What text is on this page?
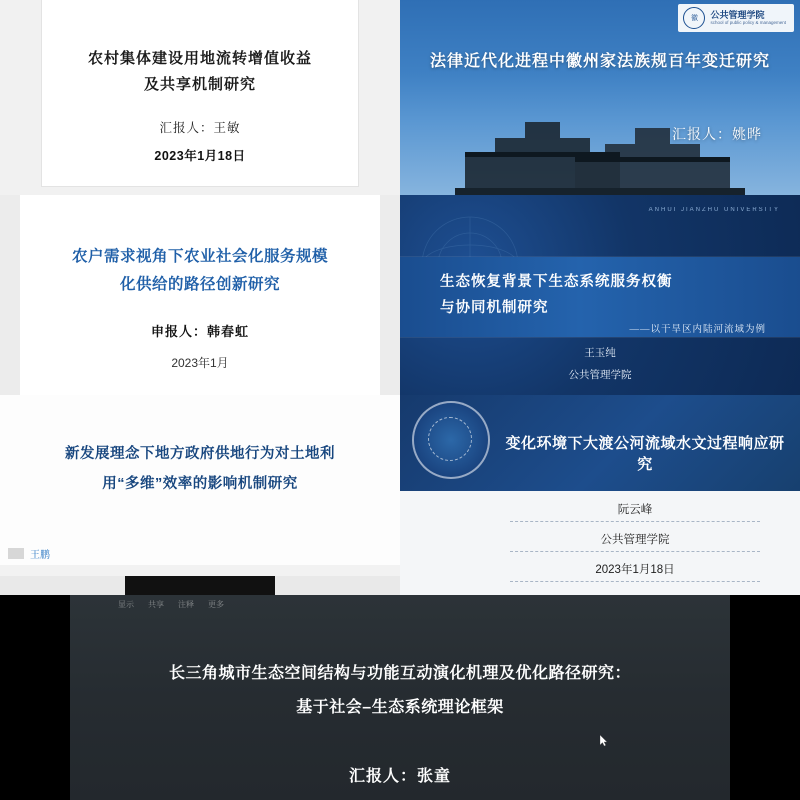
农村集体建设用地流转增值收益
及共享机制研究
汇报人：王敏
2023年1月18日
徽	公共管理学院
school of public policy & management
法律近代化进程中徽州家法族规百年变迁研究
汇报人：姚晔
农户需求视角下农业社会化服务规模
化供给的路径创新研究
申报人：韩春虹
2023年1月
ANHUI JIANZHU UNIVERSITY
生态恢复背景下生态系统服务权衡
与协同机制研究
——以干旱区内陆河流域为例
王玉纯
公共管理学院
新发展理念下地方政府供地行为对土地利
用“多维”效率的影响机制研究
王鹏
变化环境下大渡公河流域水文过程响应研究
阮云峰
公共管理学院
2023年1月18日
显示 共享 注释 更多
长三角城市生态空间结构与功能互动演化机理及优化路径研究：
基于社会–生态系统理论框架
汇报人：张童
